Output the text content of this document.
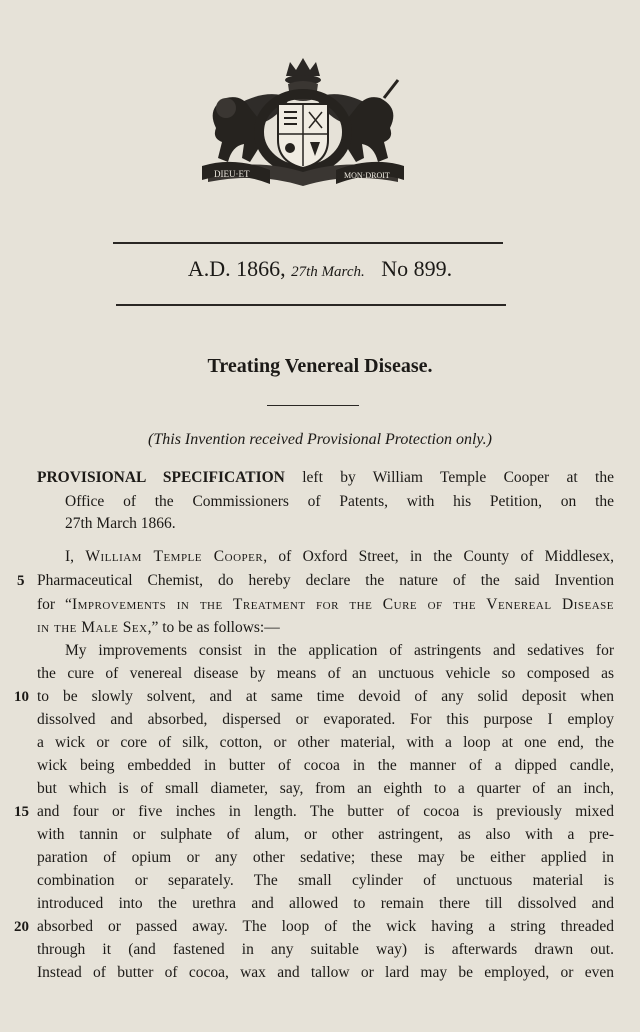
DIEU·ET	MON·DROIT
A.D. 1866, 27th March. No 899.
Treating Venereal Disease.
(This Invention received Provisional Protection only.)
PROVISIONAL SPECIFICATION left by William Temple Cooper at the
Office of the Commissioners of Patents, with his Petition, on the
27th March 1866.
I, William Temple Cooper, of Oxford Street, in the County of Middlesex,
Pharmaceutical Chemist, do hereby declare the nature of the said Invention
for “Improvements in the Treatment for the Cure of the Venereal Disease
in the Male Sex,” to be as follows:—
My improvements consist in the application of astringents and sedatives for
the cure of venereal disease by means of an unctuous vehicle so composed as
to be slowly solvent, and at same time devoid of any solid deposit when
dissolved and absorbed, dispersed or evaporated. For this purpose I employ
a wick or core of silk, cotton, or other material, with a loop at one end, the
wick being embedded in butter of cocoa in the manner of a dipped candle,
but which is of small diameter, say, from an eighth to a quarter of an inch,
and four or five inches in length. The butter of cocoa is previously mixed
with tannin or sulphate of alum, or other astringent, as also with a pre-
paration of opium or any other sedative; these may be either applied in
combination or separately. The small cylinder of unctuous material is
introduced into the urethra and allowed to remain there till dissolved and
absorbed or passed away. The loop of the wick having a string threaded
through it (and fastened in any suitable way) is afterwards drawn out.
Instead of butter of cocoa, wax and tallow or lard may be employed, or even
5
10
15
20
